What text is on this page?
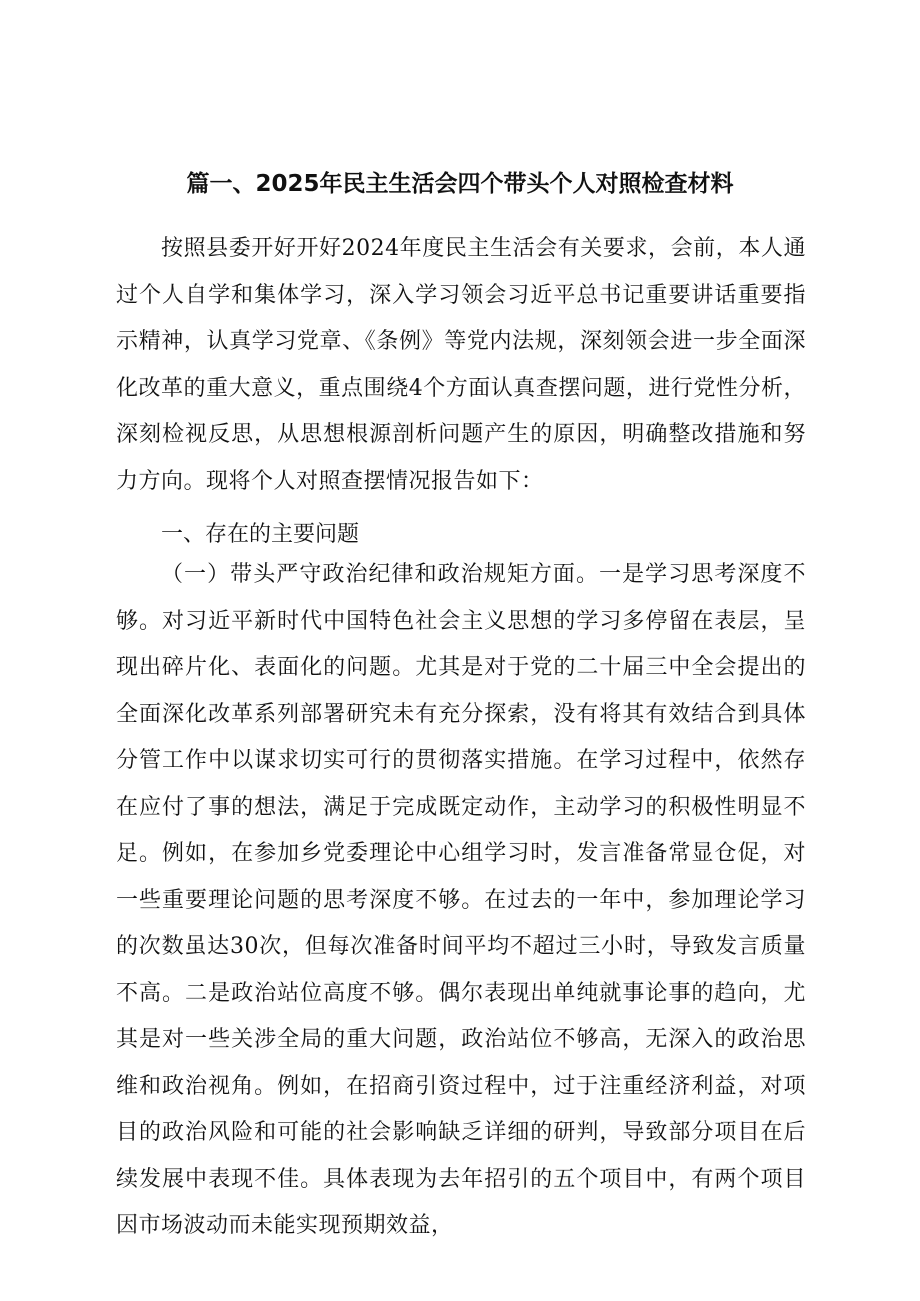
篇一、2025年民主生活会四个带头个人对照检查材料

按照县委开好开好2024年度民主生活会有关要求，会前，本人通过个人自学和集体学习，深入学习领会习近平总书记重要讲话重要指示精神，认真学习党章、《条例》等党内法规，深刻领会进一步全面深化改革的重大意义，重点围绕4个方面认真查摆问题，进行党性分析，深刻检视反思，从思想根源剖析问题产生的原因，明确整改措施和努力方向。现将个人对照查摆情况报告如下：

一、存在的主要问题

（一）带头严守政治纪律和政治规矩方面。一是学习思考深度不够。对习近平新时代中国特色社会主义思想的学习多停留在表层，呈现出碎片化、表面化的问题。尤其是对于党的二十届三中全会提出的全面深化改革系列部署研究未有充分探索，没有将其有效结合到具体分管工作中以谋求切实可行的贯彻落实措施。在学习过程中，依然存在应付了事的想法，满足于完成既定动作，主动学习的积极性明显不足。例如，在参加乡党委理论中心组学习时，发言准备常显仓促，对一些重要理论问题的思考深度不够。在过去的一年中，参加理论学习的次数虽达30次，但每次准备时间平均不超过三小时，导致发言质量不高。二是政治站位高度不够。偶尔表现出单纯就事论事的趋向，尤其是对一些关涉全局的重大问题，政治站位不够高，无深入的政治思维和政治视角。例如，在招商引资过程中，过于注重经济利益，对项目的政治风险和可能的社会影响缺乏详细的研判，导致部分项目在后续发展中表现不佳。具体表现为去年招引的五个项目中，有两个项目因市场波动而未能实现预期效益，
